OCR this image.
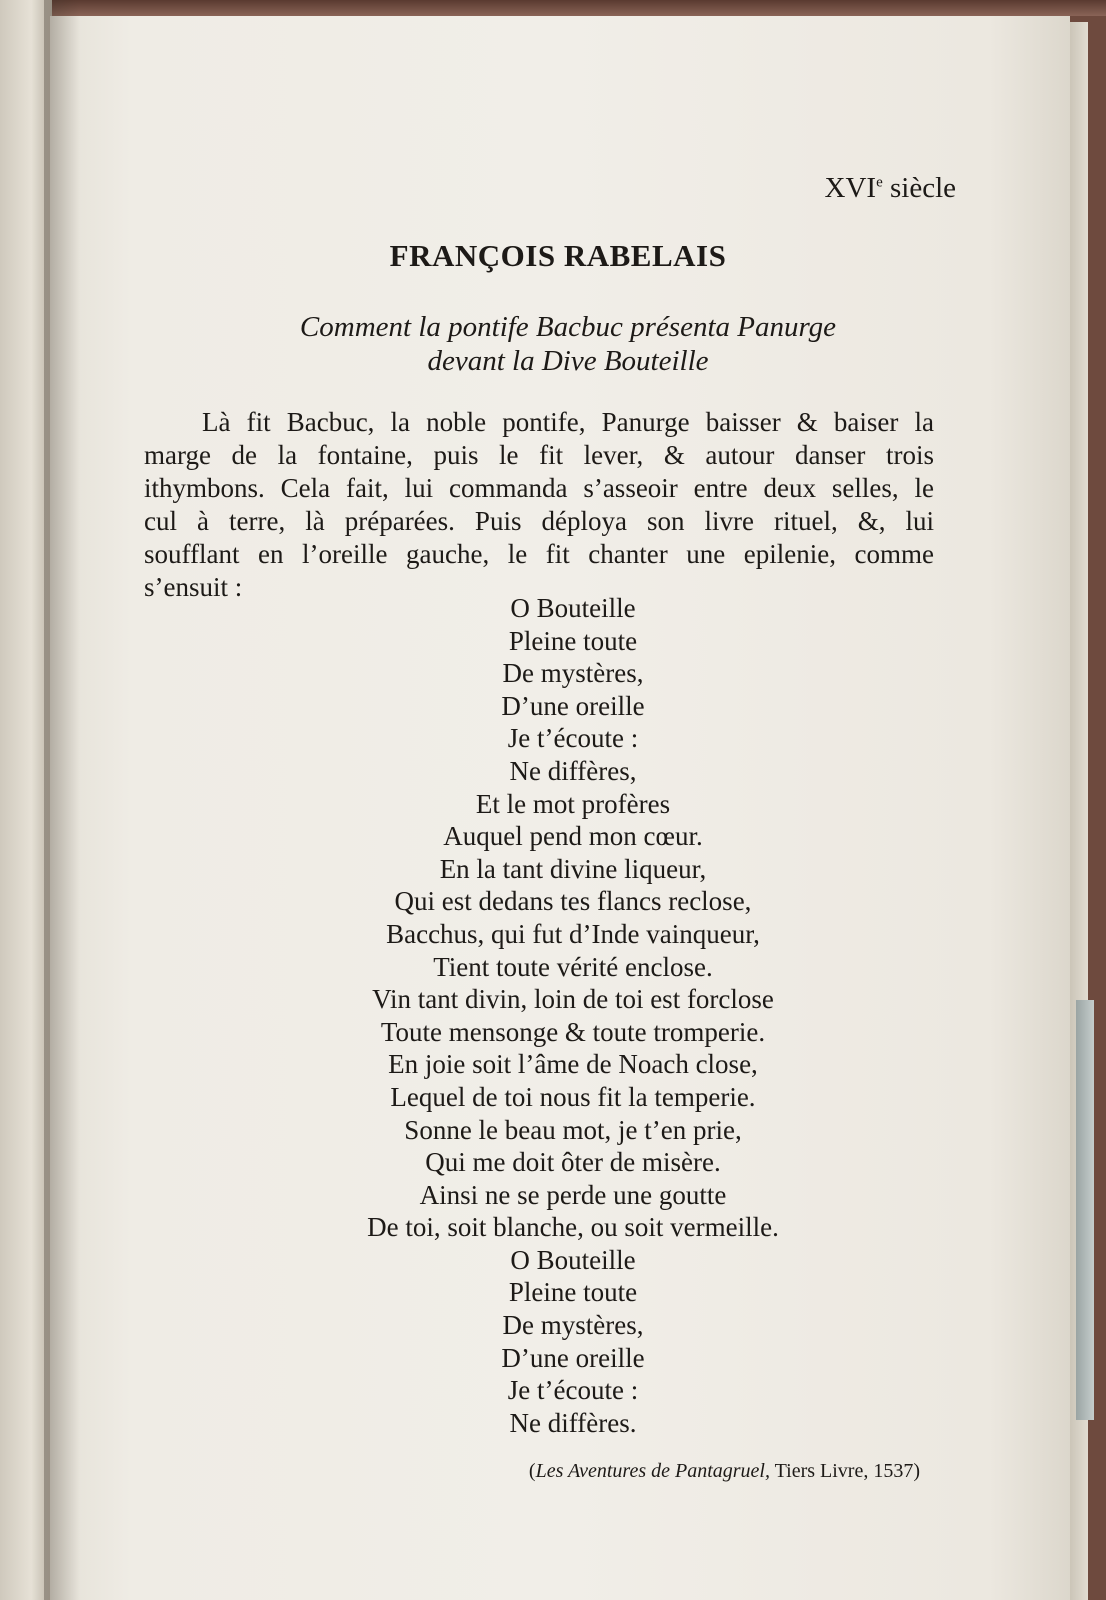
XVIe siècle
FRANÇOIS RABELAIS
Comment la pontife Bacbuc présenta Panurge
devant la Dive Bouteille

Là fit Bacbuc, la noble pontife, Panurge baisser & baiser la
marge de la fontaine, puis le fit lever, & autour danser trois
ithymbons. Cela fait, lui commanda s’asseoir entre deux selles, le
cul à terre, là préparées. Puis déploya son livre rituel, &, lui
soufflant en l’oreille gauche, le fit chanter une epilenie, comme
s’ensuit :

O Bouteille
Pleine toute
De mystères,
D’une oreille
Je t’écoute :
Ne diffères,
Et le mot profères
Auquel pend mon cœur.
En la tant divine liqueur,
Qui est dedans tes flancs reclose,
Bacchus, qui fut d’Inde vainqueur,
Tient toute vérité enclose.
Vin tant divin, loin de toi est forclose
Toute mensonge & toute tromperie.
En joie soit l’âme de Noach close,
Lequel de toi nous fit la temperie.
Sonne le beau mot, je t’en prie,
Qui me doit ôter de misère.
Ainsi ne se perde une goutte
De toi, soit blanche, ou soit vermeille.
O Bouteille
Pleine toute
De mystères,
D’une oreille
Je t’écoute :
Ne diffères.
(Les Aventures de Pantagruel, Tiers Livre, 1537)
